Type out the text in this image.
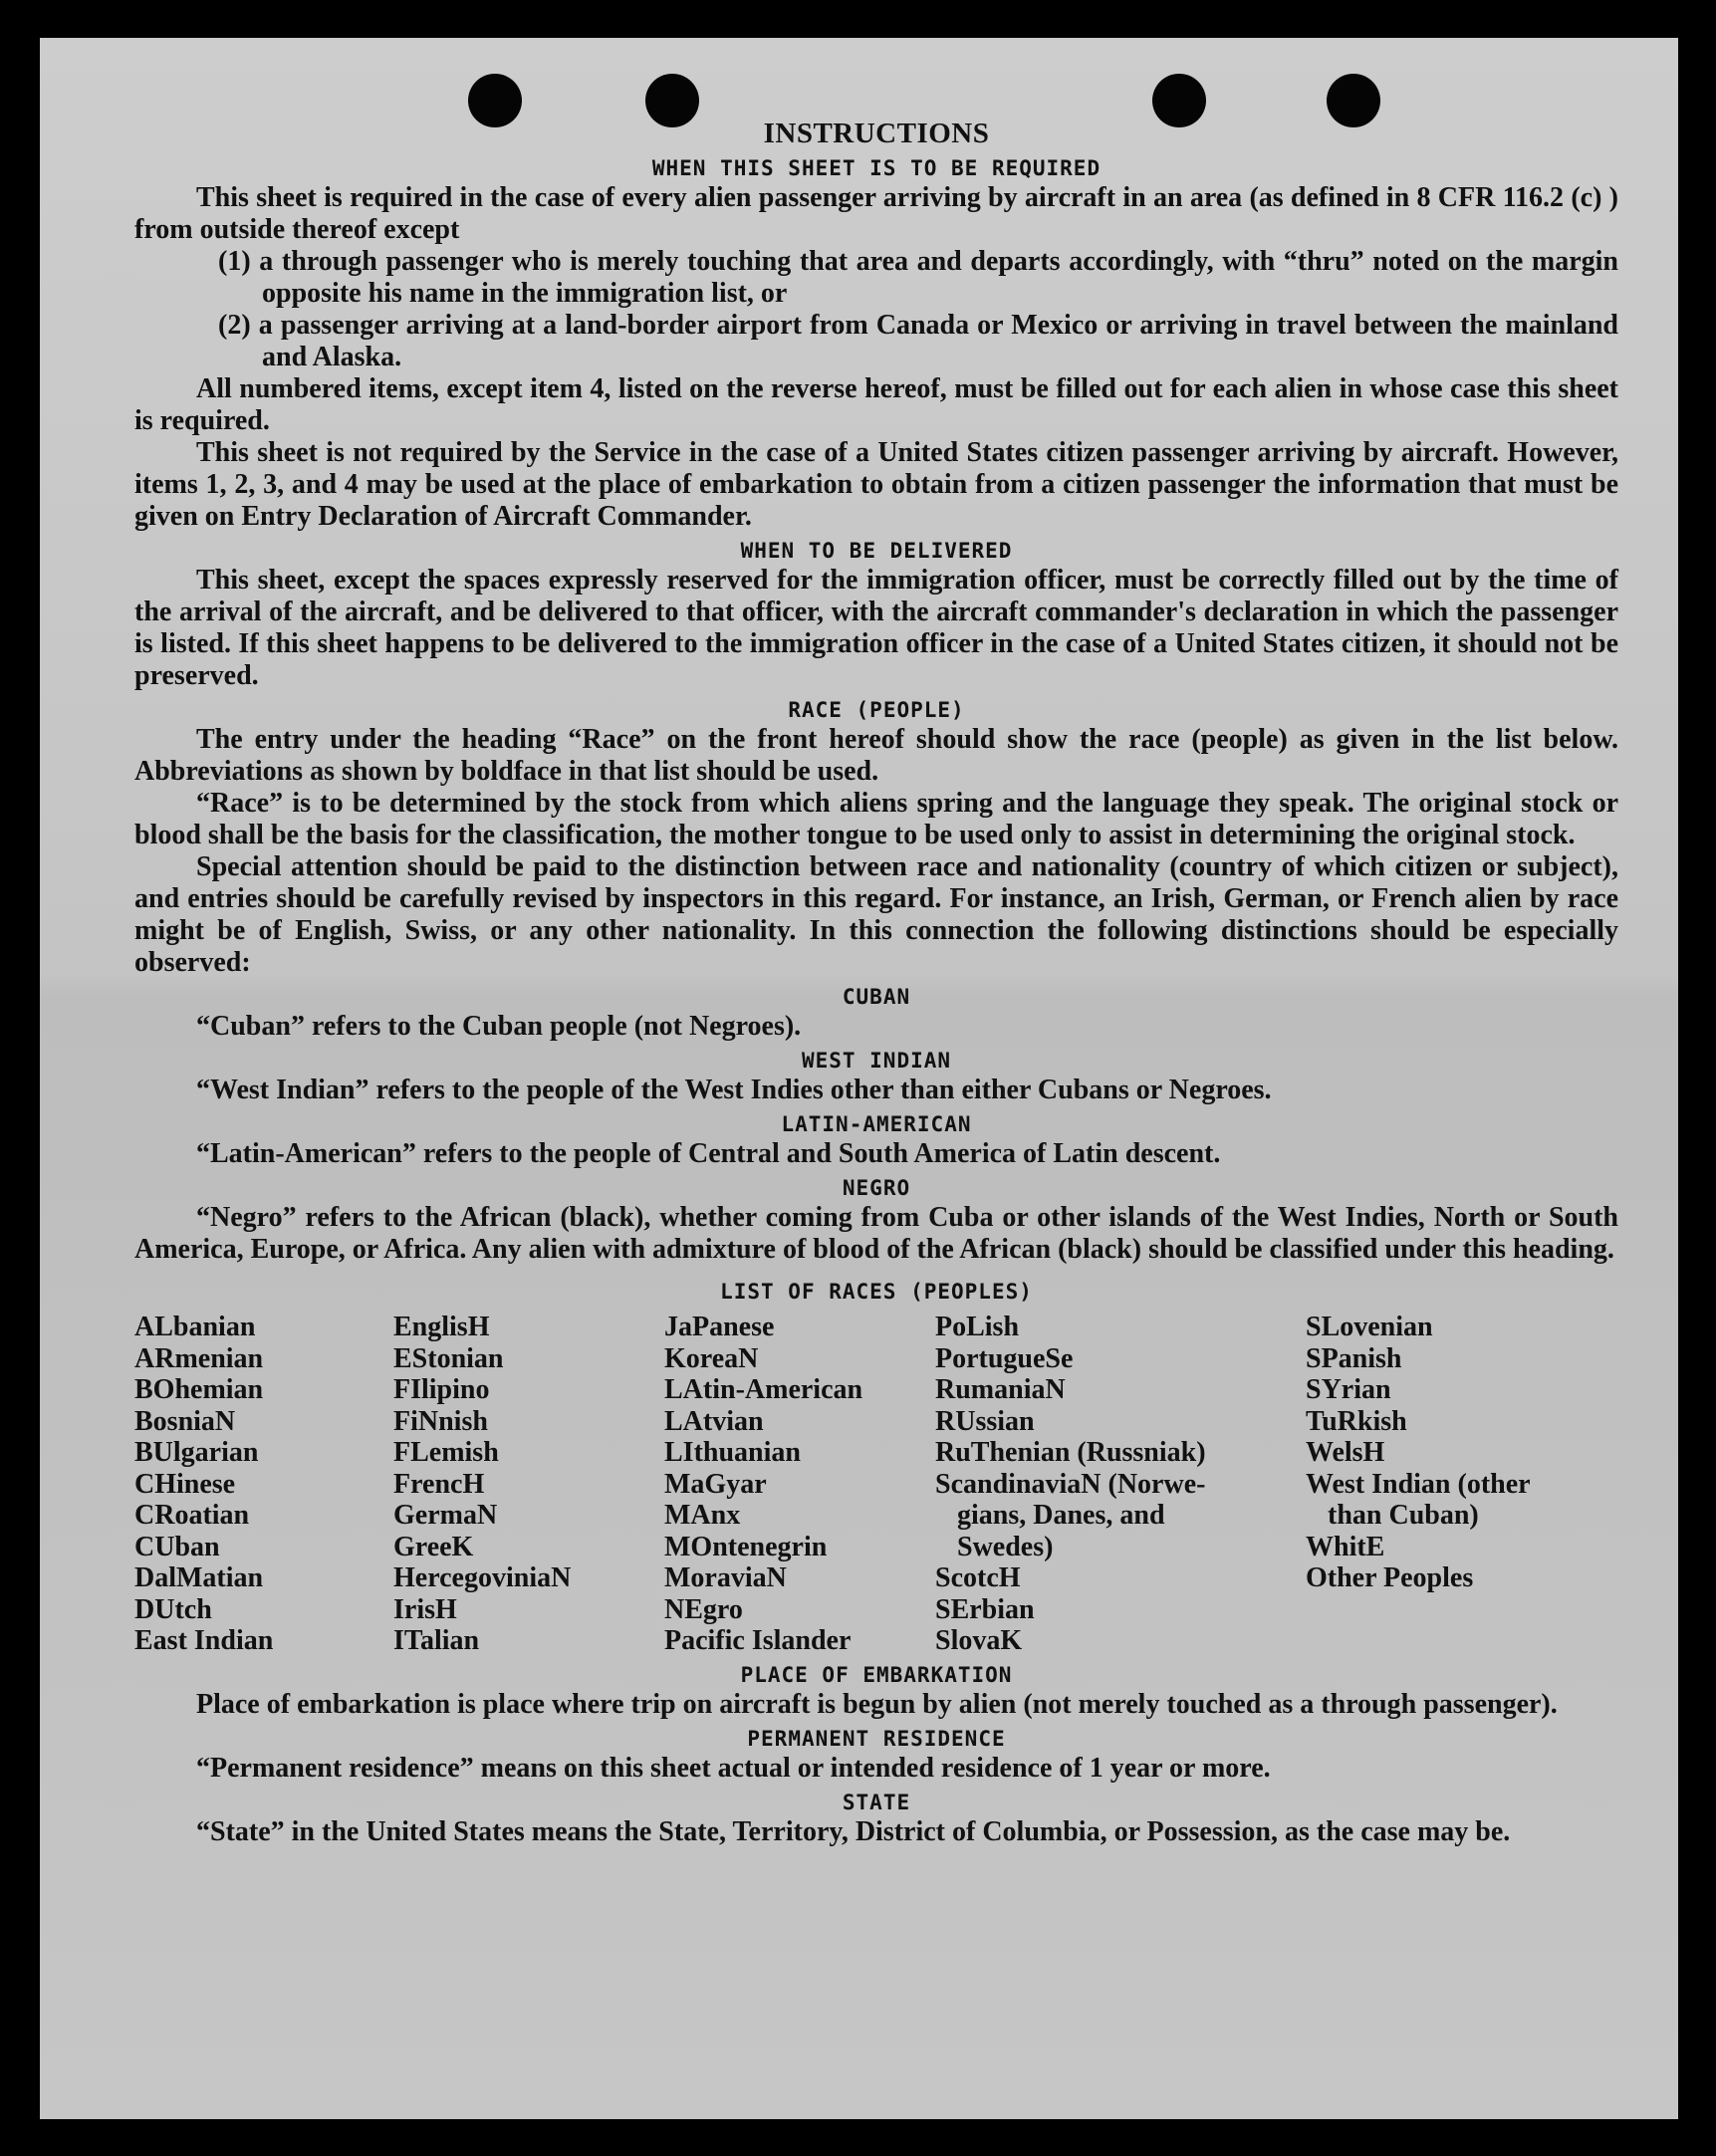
INSTRUCTIONS
WHEN THIS SHEET IS TO BE REQUIRED

This sheet is required in the case of every alien passenger arriving by aircraft in an area (as defined in 8 CFR 116.2 (c) ) from outside thereof except

(1) a through passenger who is merely touching that area and departs accordingly, with “thru” noted on the margin opposite his name in the immigration list, or
(2) a passenger arriving at a land-border airport from Canada or Mexico or arriving in travel between the mainland and Alaska.

All numbered items, except item 4, listed on the reverse hereof, must be filled out for each alien in whose case this sheet is required.

This sheet is not required by the Service in the case of a United States citizen passenger arriving by aircraft. However, items 1, 2, 3, and 4 may be used at the place of embarkation to obtain from a citizen passenger the information that must be given on Entry Declaration of Aircraft Commander.

WHEN TO BE DELIVERED

This sheet, except the spaces expressly reserved for the immigration officer, must be correctly filled out by the time of the arrival of the aircraft, and be delivered to that officer, with the aircraft commander's declaration in which the passenger is listed. If this sheet happens to be delivered to the immigration officer in the case of a United States citizen, it should not be preserved.

RACE (PEOPLE)

The entry under the heading “Race” on the front hereof should show the race (people) as given in the list below. Abbreviations as shown by boldface in that list should be used.

“Race” is to be determined by the stock from which aliens spring and the language they speak. The original stock or blood shall be the basis for the classification, the mother tongue to be used only to assist in determining the original stock.

Special attention should be paid to the distinction between race and nationality (country of which citizen or subject), and entries should be carefully revised by inspectors in this regard. For instance, an Irish, German, or French alien by race might be of English, Swiss, or any other nationality. In this connection the following distinctions should be especially observed:

CUBAN
“Cuban” refers to the Cuban people (not Negroes).
WEST INDIAN
“West Indian” refers to the people of the West Indies other than either Cubans or Negroes.
LATIN-AMERICAN
“Latin-American” refers to the people of Central and South America of Latin descent.
NEGRO

“Negro” refers to the African (black), whether coming from Cuba or other islands of the West Indies, North or South America, Europe, or Africa. Any alien with admixture of blood of the African (black) should be classified under this heading.

LIST OF RACES (PEOPLES)
ALbanian
ARmenian
BOhemian
BosniaN
BUlgarian
CHinese
CRoatian
CUban
DalMatian
DUtch
East Indian
EnglisH
EStonian
FIlipino
FiNnish
FLemish
FrencH
GermaN
GreeK
HercegoviniaN
IrisH
ITalian
JaPanese
KoreaN
LAtin-American
LAtvian
LIthuanian
MaGyar
MAnx
MOntenegrin
MoraviaN
NEgro
Pacific Islander
PoLish
PortugueSe
RumaniaN
RUssian
RuThenian (Russniak)
ScandinaviaN (Norwe-
gians, Danes, and
Swedes)
ScotcH
SErbian
SlovaK
SLovenian
SPanish
SYrian
TuRkish
WelsH
West Indian (other
than Cuban)
WhitE
Other Peoples
PLACE OF EMBARKATION

Place of embarkation is place where trip on aircraft is begun by alien (not merely touched as a through passenger).

PERMANENT RESIDENCE

“Permanent residence” means on this sheet actual or intended residence of 1 year or more.

STATE

“State” in the United States means the State, Territory, District of Columbia, or Possession, as the case may be.
